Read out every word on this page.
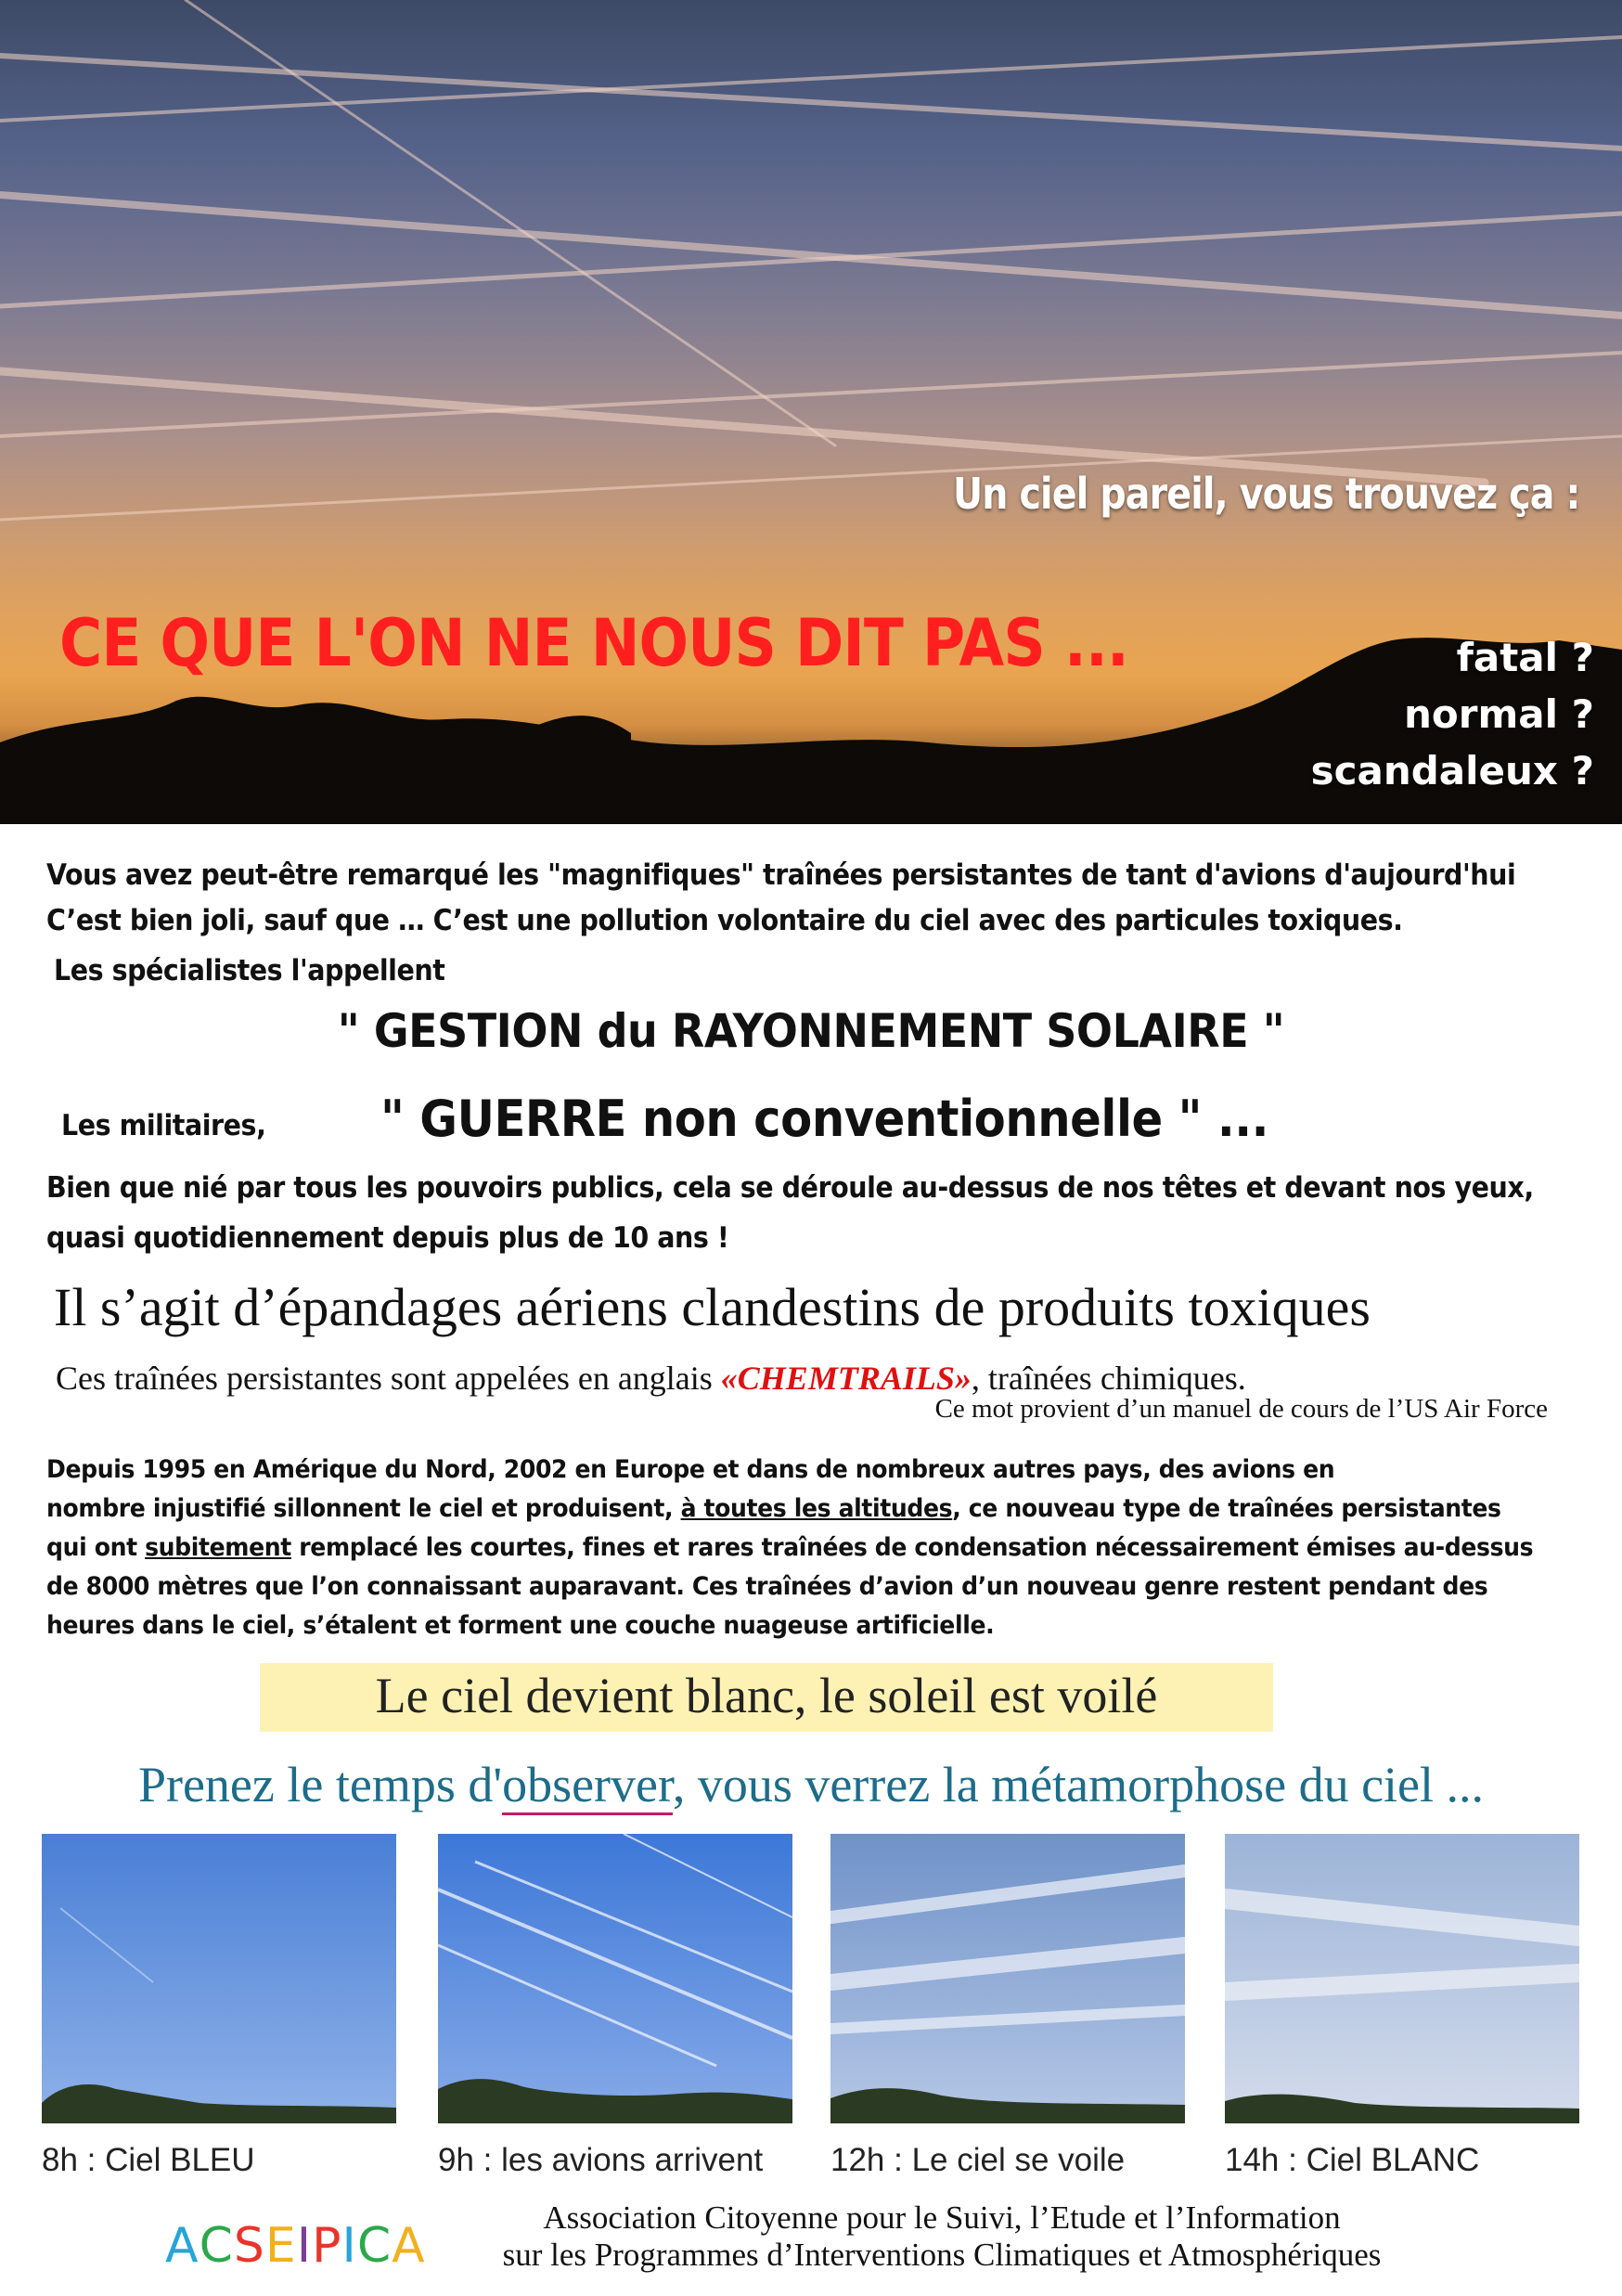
Un ciel pareil, vous trouvez ça :
CE QUE L'ON NE NOUS DIT PAS ...	fatal ?
normal ?
scandaleux ?
Vous avez peut-être remarqué les "magnifiques" traînées persistantes de tant d'avions d'aujourd'hui
C’est bien joli, sauf que … C’est une pollution volontaire du ciel avec des particules toxiques.
Les spécialistes l'appellent
" GESTION du RAYONNEMENT SOLAIRE "
Les militaires, " GUERRE non conventionnelle " ...
Bien que nié par tous les pouvoirs publics, cela se déroule au-dessus de nos têtes et devant nos yeux,
quasi quotidiennement depuis plus de 10 ans !
Il s’agit d’épandages aériens clandestins de produits toxiques
Ces traînées persistantes sont appelées en anglais «CHEMTRAILS», traînées chimiques.
Ce mot provient d’un manuel de cours de l’US Air Force
Depuis 1995 en Amérique du Nord, 2002 en Europe et dans de nombreux autres pays, des avions en
nombre injustifié sillonnent le ciel et produisent, à toutes les altitudes, ce nouveau type de traînées persistantes
qui ont subitement remplacé les courtes, fines et rares traînées de condensation nécessairement émises au-dessus
de 8000 mètres que l’on connaissant auparavant. Ces traînées d’avion d’un nouveau genre restent pendant des
heures dans le ciel, s’étalent et forment une couche nuageuse artificielle.
Le ciel devient blanc, le soleil est voilé
Prenez le temps d'observer, vous verrez la métamorphose du ciel ...
8h : Ciel BLEU	9h : les avions arrivent 12h : Le ciel se voile	14h : Ciel BLANC
ACSEIPICA
Association Citoyenne pour le Suivi, l’Etude et l’Information
sur les Programmes d’Interventions Climatiques et Atmosphériques
